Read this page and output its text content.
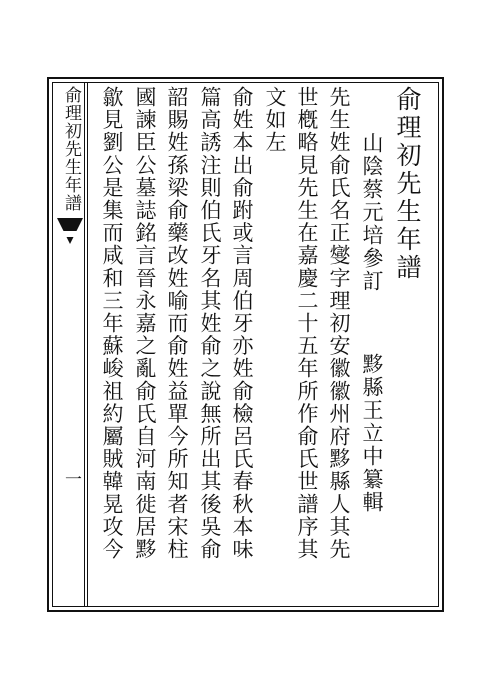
俞理初先生年譜
一
俞理初先生年譜
山陰蔡元培參訂黟縣王立中纂輯
先生姓俞氏名正燮字理初安徽徽州府黟縣人其先
世槪略見先生在嘉慶二十五年所作俞氏世譜序其
文如左
俞姓本出俞跗或言周伯牙亦姓俞檢呂氏春秋本味
篇高誘注則伯氏牙名其姓俞之說無所出其後吳俞
韶賜姓孫梁俞藥改姓喻而俞姓益單今所知者宋柱
國諫臣公墓誌銘言晉永嘉之亂俞氏自河南徙居黟
歙見劉公是集而咸和三年蘇峻祖約屬賊韓晃攻今
